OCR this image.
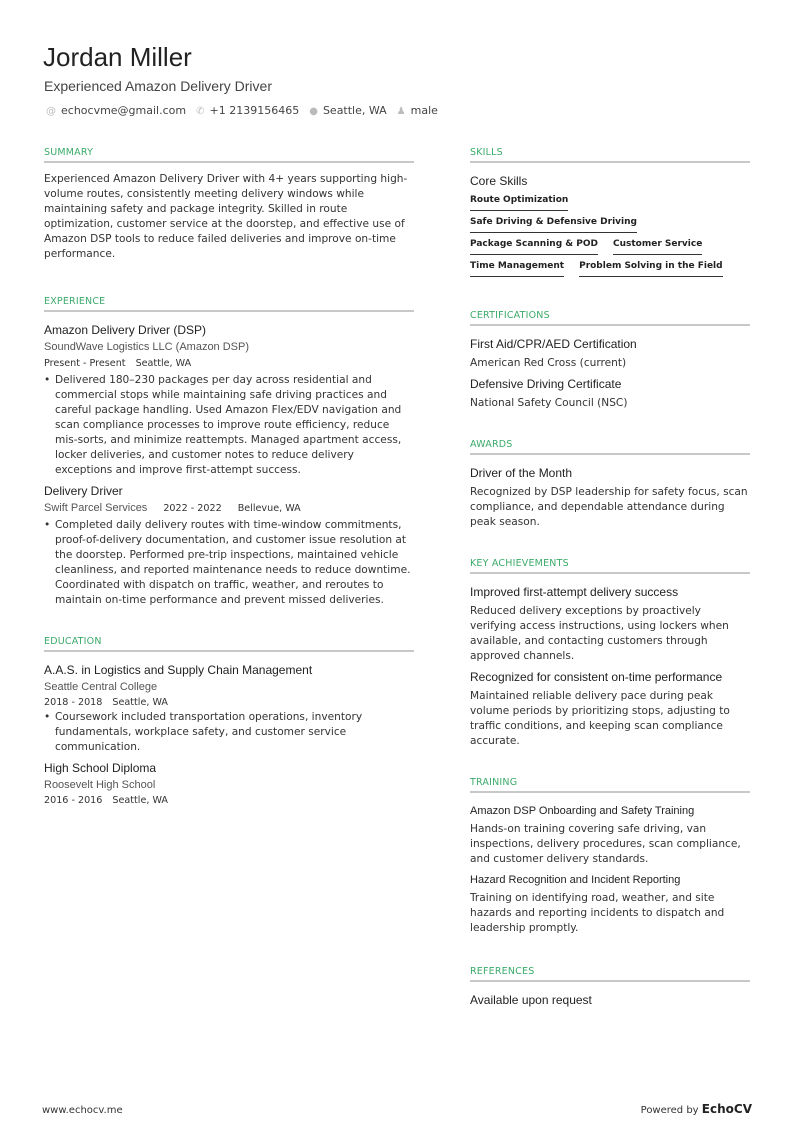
Jordan Miller
Experienced Amazon Delivery Driver
@ echocvme@gmail.com ✆ +1 2139156465 ● Seattle, WA ♟ male
SUMMARY

Experienced Amazon Delivery Driver with 4+ years supporting high-volume routes, consistently meeting delivery windows while maintaining safety and package integrity. Skilled in route optimization, customer service at the doorstep, and effective use of Amazon DSP tools to reduce failed deliveries and improve on-time performance.

EXPERIENCE
Amazon Delivery Driver (DSP)
SoundWave Logistics LLC (Amazon DSP)
Present - Present Seattle, WA
• Delivered 180–230 packages per day across residential and commercial stops while maintaining safe driving practices and careful package handling. Used Amazon Flex/EDV navigation and scan compliance processes to improve route efficiency, reduce mis-sorts, and minimize reattempts. Managed apartment access, locker deliveries, and customer notes to reduce delivery exceptions and improve first-attempt success.
Delivery Driver
Swift Parcel Services 2022 - 2022 Bellevue, WA
• Completed daily delivery routes with time-window commitments, proof-of-delivery documentation, and customer issue resolution at the doorstep. Performed pre-trip inspections, maintained vehicle cleanliness, and reported maintenance needs to reduce downtime. Coordinated with dispatch on traffic, weather, and reroutes to maintain on-time performance and prevent missed deliveries.
EDUCATION
A.A.S. in Logistics and Supply Chain Management
Seattle Central College
2018 - 2018 Seattle, WA
• Coursework included transportation operations, inventory fundamentals, workplace safety, and customer service communication.
High School Diploma
Roosevelt High School
2016 - 2016 Seattle, WA
SKILLS
Core Skills
Route Optimization
Safe Driving & Defensive Driving
Package Scanning & POD Customer Service
Time Management Problem Solving in the Field
CERTIFICATIONS
First Aid/CPR/AED Certification
American Red Cross (current)
Defensive Driving Certificate
National Safety Council (NSC)
AWARDS
Driver of the Month

Recognized by DSP leadership for safety focus, scan compliance, and dependable attendance during peak season.

KEY ACHIEVEMENTS
Improved first-attempt delivery success

Reduced delivery exceptions by proactively verifying access instructions, using lockers when available, and contacting customers through approved channels.

Recognized for consistent on-time performance

Maintained reliable delivery pace during peak volume periods by prioritizing stops, adjusting to traffic conditions, and keeping scan compliance accurate.

TRAINING
Amazon DSP Onboarding and Safety Training

Hands-on training covering safe driving, van inspections, delivery procedures, scan compliance, and customer delivery standards.

Hazard Recognition and Incident Reporting

Training on identifying road, weather, and site hazards and reporting incidents to dispatch and leadership promptly.

REFERENCES
Available upon request
www.echocv.me	Powered by EchoCV
